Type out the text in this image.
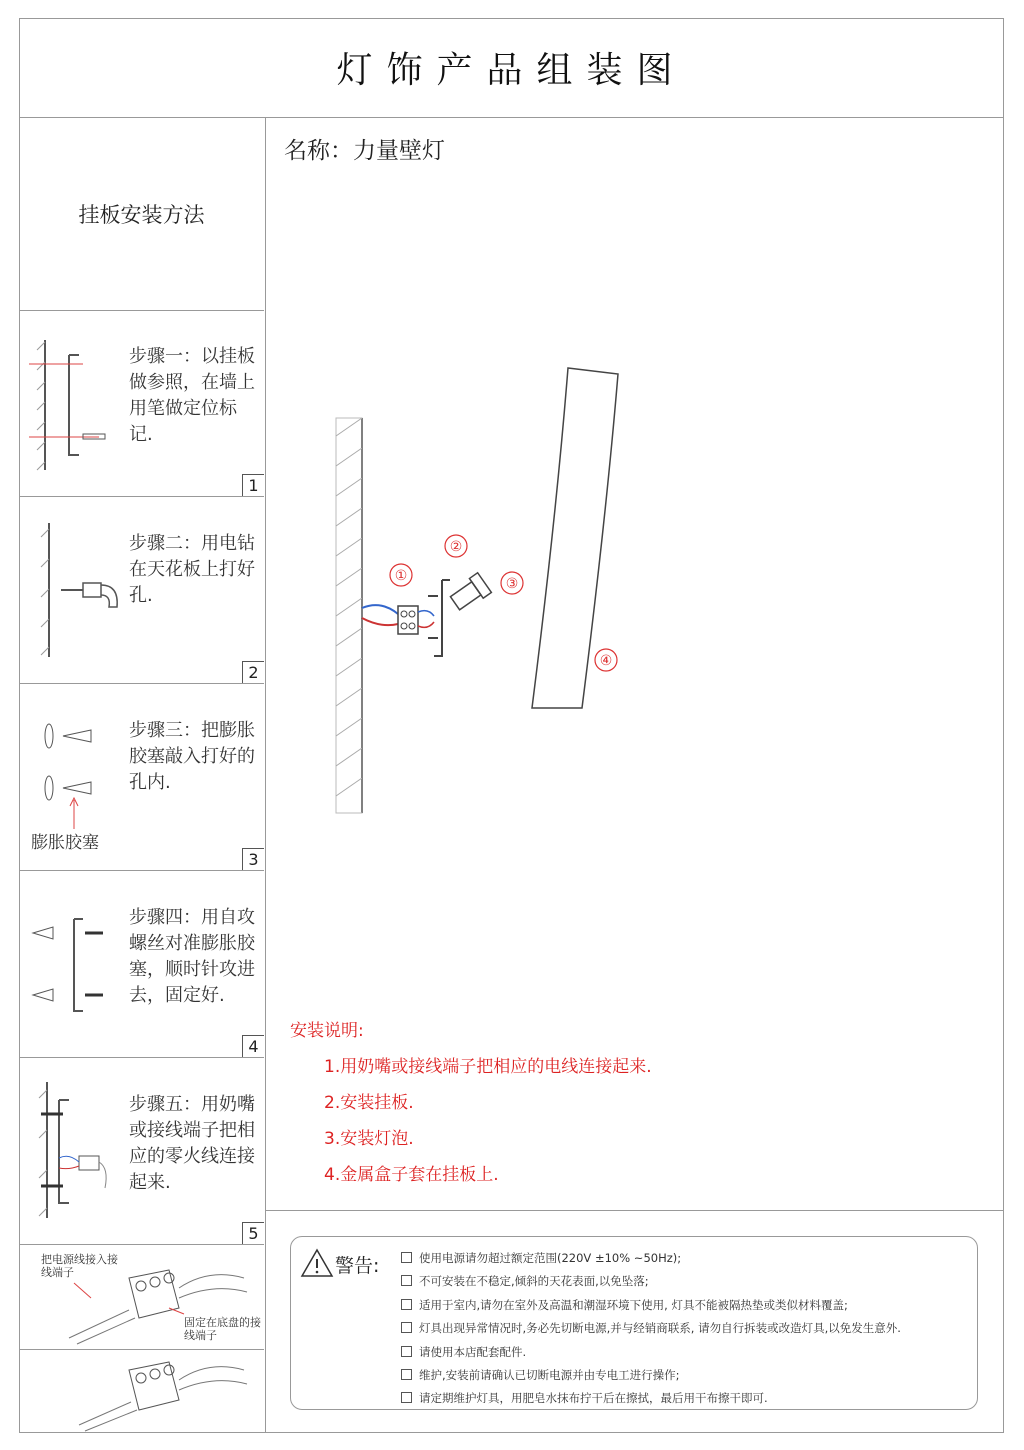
灯饰产品组装图
挂板安装方法
步骤一：以挂板做参照，在墙上用笔做定位标记.
1
步骤二：用电钻在天花板上打好孔.
2
膨胀胶塞
步骤三：把膨胀胶塞敲入打好的孔内.
3
步骤四：用自攻螺丝对准膨胀胶塞，顺时针攻进去，固定好.
4
步骤五：用奶嘴或接线端子把相应的零火线连接起来.
5
把电源线接入接线端子
固定在底盘的接线端子
名称：力量壁灯
①
②
③
④
安装说明:
1.用奶嘴或接线端子把相应的电线连接起来.
2.安装挂板.
3.安装灯泡.
4.金属盒子套在挂板上.
警告:	使用电源请勿超过额定范围(220V ±10% ~50Hz);
不可安装在不稳定,倾斜的天花表面,以免坠落;
适用于室内,请勿在室外及高温和潮湿环境下使用, 灯具不能被隔热垫或类似材料覆盖;
灯具出现异常情况时,务必先切断电源,并与经销商联系, 请勿自行拆装或改造灯具,以免发生意外.
请使用本店配套配件.
维护,安装前请确认已切断电源并由专电工进行操作;
请定期维护灯具，用肥皂水抹布拧干后在擦拭，最后用干布擦干即可.
